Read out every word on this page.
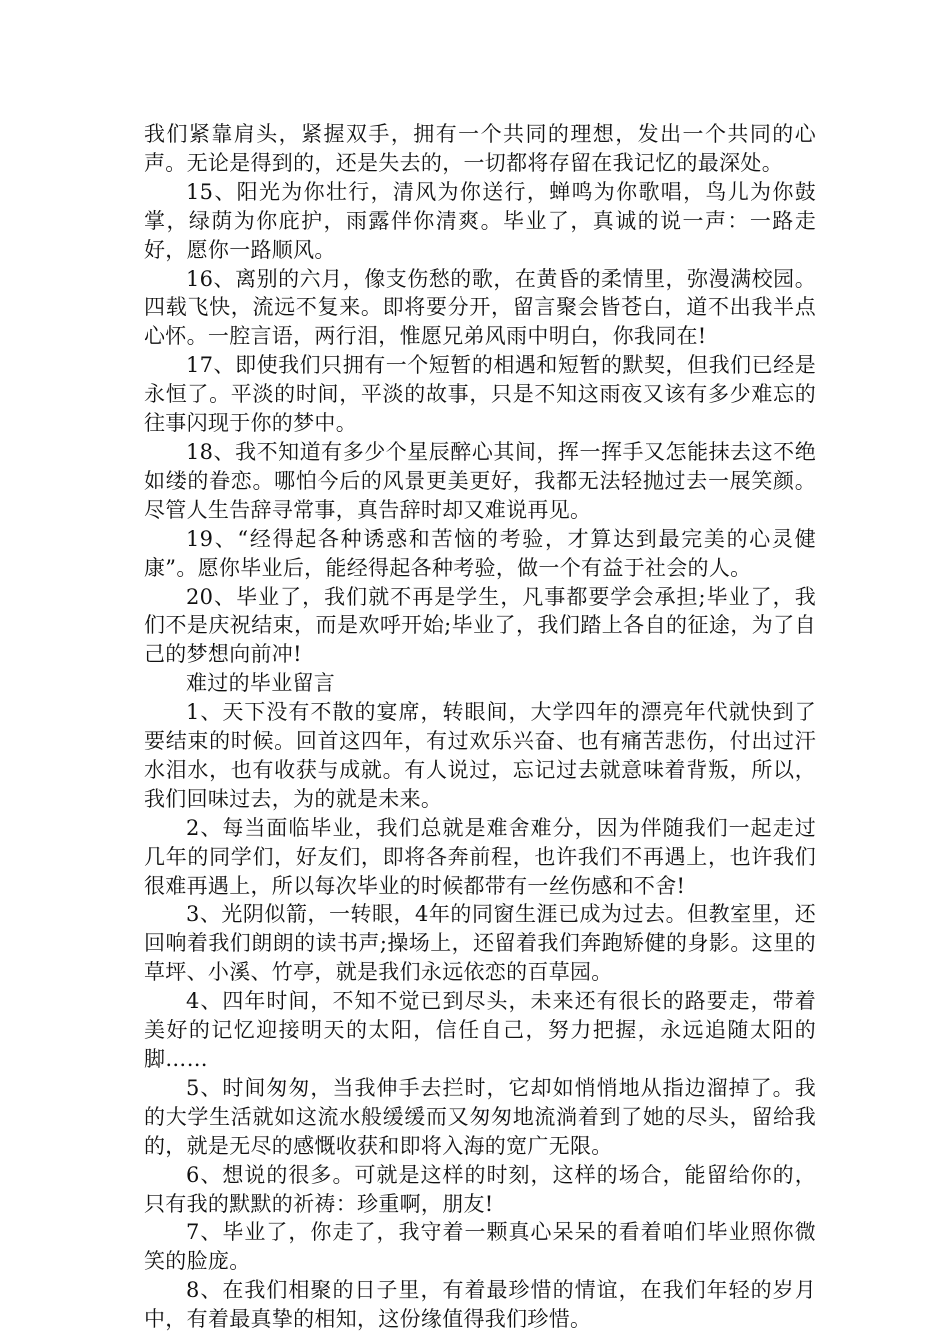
我们紧靠肩头，紧握双手，拥有一个共同的理想，发出一个共同的心声。无论是得到的，还是失去的，一切都将存留在我记忆的最深处。

15、阳光为你壮行，清风为你送行，蝉鸣为你歌唱，鸟儿为你鼓掌，绿荫为你庇护，雨露伴你清爽。毕业了，真诚的说一声：一路走好，愿你一路顺风。

16、离别的六月，像支伤愁的歌，在黄昏的柔情里，弥漫满校园。四载飞快，流远不复来。即将要分开，留言聚会皆苍白，道不出我半点心怀。一腔言语，两行泪，惟愿兄弟风雨中明白，你我同在!

17、即使我们只拥有一个短暂的相遇和短暂的默契，但我们已经是永恒了。平淡的时间，平淡的故事，只是不知这雨夜又该有多少难忘的往事闪现于你的梦中。

18、我不知道有多少个星辰醉心其间，挥一挥手又怎能抹去这不绝如缕的眷恋。哪怕今后的风景更美更好，我都无法轻抛过去一展笑颜。尽管人生告辞寻常事，真告辞时却又难说再见。

19、“经得起各种诱惑和苦恼的考验，才算达到最完美的心灵健康”。愿你毕业后，能经得起各种考验，做一个有益于社会的人。

20、毕业了，我们就不再是学生，凡事都要学会承担;毕业了，我们不是庆祝结束，而是欢呼开始;毕业了，我们踏上各自的征途，为了自己的梦想向前冲!

难过的毕业留言

1、天下没有不散的宴席，转眼间，大学四年的漂亮年代就快到了要结束的时候。回首这四年，有过欢乐兴奋、也有痛苦悲伤，付出过汗水泪水，也有收获与成就。有人说过，忘记过去就意味着背叛，所以，我们回味过去，为的就是未来。

2、每当面临毕业，我们总就是难舍难分，因为伴随我们一起走过几年的同学们，好友们，即将各奔前程，也许我们不再遇上，也许我们很难再遇上，所以每次毕业的时候都带有一丝伤感和不舍!

3、光阴似箭，一转眼，4年的同窗生涯已成为过去。但教室里，还回响着我们朗朗的读书声;操场上，还留着我们奔跑矫健的身影。这里的草坪、小溪、竹亭，就是我们永远依恋的百草园。

4、四年时间，不知不觉已到尽头，未来还有很长的路要走，带着美好的记忆迎接明天的太阳，信任自己，努力把握，永远追随太阳的脚……

5、时间匆匆，当我伸手去拦时，它却如悄悄地从指边溜掉了。我的大学生活就如这流水般缓缓而又匆匆地流淌着到了她的尽头，留给我的，就是无尽的感慨收获和即将入海的宽广无限。

6、想说的很多。可就是这样的时刻，这样的场合，能留给你的，只有我的默默的祈祷：珍重啊，朋友!

7、毕业了，你走了，我守着一颗真心呆呆的看着咱们毕业照你微笑的脸庞。

8、在我们相聚的日子里，有着最珍惜的情谊，在我们年轻的岁月中，有着最真挚的相知，这份缘值得我们珍惜。
